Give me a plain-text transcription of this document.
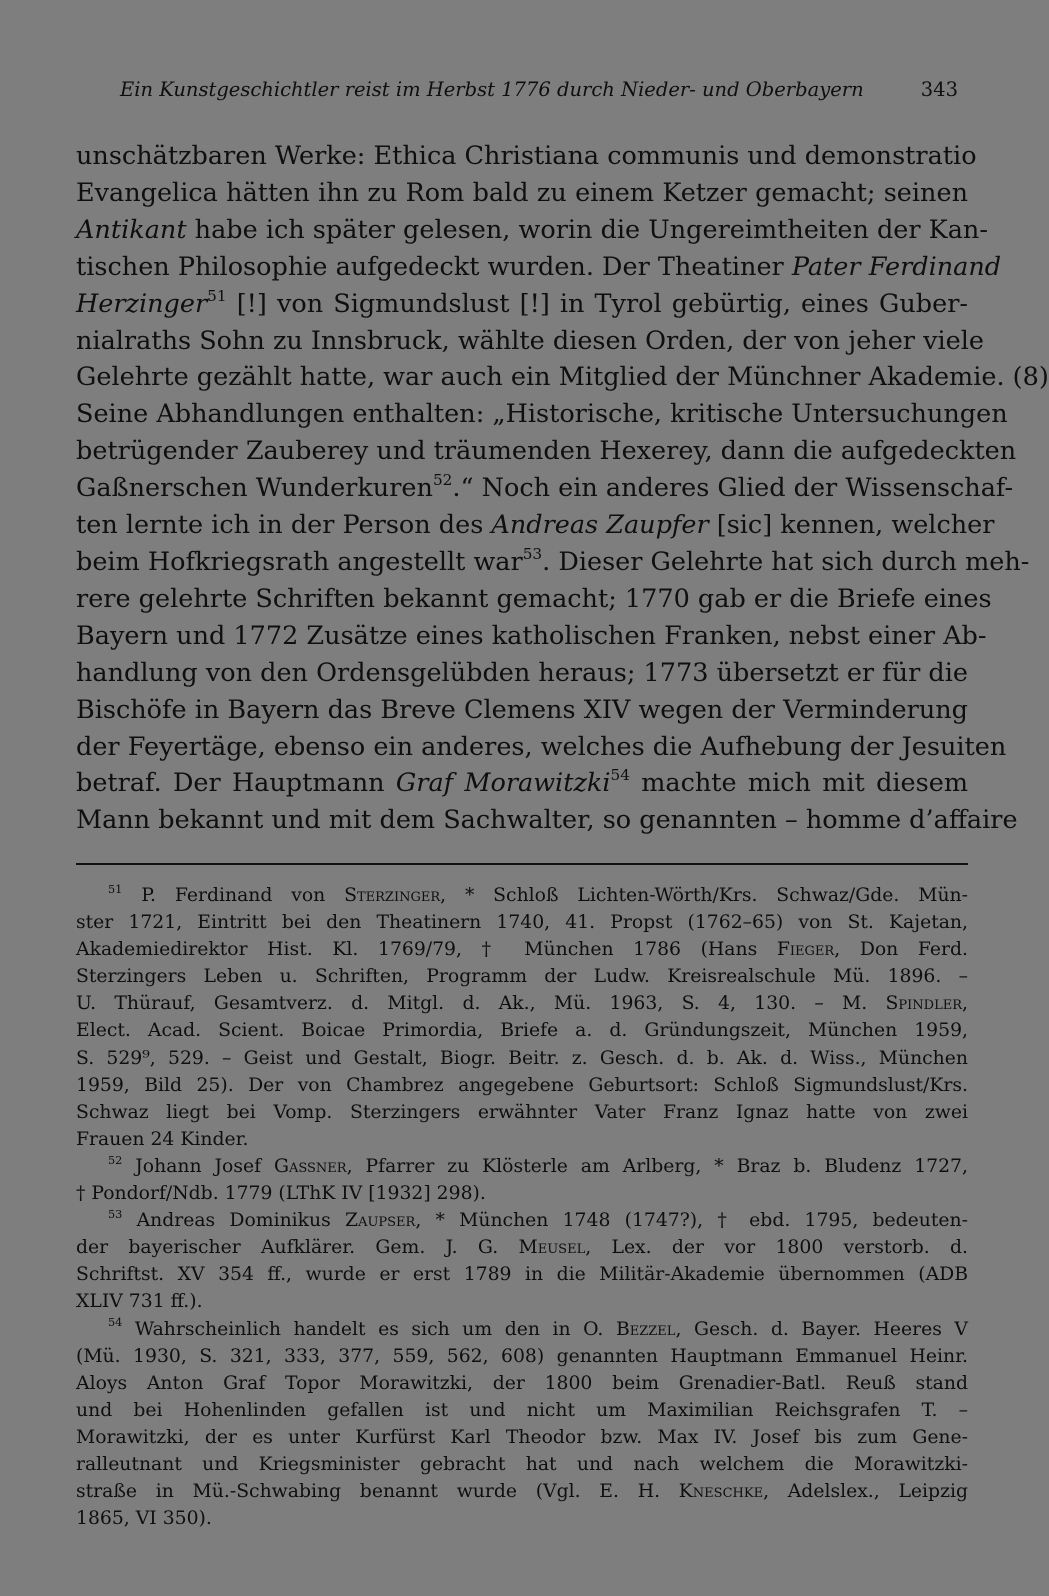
Ein Kunstgeschichtler reist im Herbst 1776 durch Nieder- und Oberbayern	343
unschätzbaren Werke: Ethica Christiana communis und demonstratio
Evangelica hätten ihn zu Rom bald zu einem Ketzer gemacht; seinen
Antikant habe ich später gelesen, worin die Ungereimtheiten der Kan-
tischen Philosophie aufgedeckt wurden. Der Theatiner Pater Ferdinand
Herzinger$^{51}$ [!] von Sigmundslust [!] in Tyrol gebürtig, eines Guber-
nialraths Sohn zu Innsbruck, wählte diesen Orden, der von jeher viele
Gelehrte gezählt hatte, war auch ein Mitglied der Münchner Akademie. (8)
Seine Abhandlungen enthalten: „Historische, kritische Untersuchungen
betrügender Zauberey und träumenden Hexerey, dann die aufgedeckten
Gaßnerschen Wunderkuren$^{52}$.“ Noch ein anderes Glied der Wissenschaf-
ten lernte ich in der Person des Andreas Zaupfer [sic] kennen, welcher
beim Hofkriegsrath angestellt war$^{53}$. Dieser Gelehrte hat sich durch meh-
rere gelehrte Schriften bekannt gemacht; 1770 gab er die Briefe eines
Bayern und 1772 Zusätze eines katholischen Franken, nebst einer Ab-
handlung von den Ordensgelübden heraus; 1773 übersetzt er für die
Bischöfe in Bayern das Breve Clemens XIV wegen der Verminderung
der Feyertäge, ebenso ein anderes, welches die Aufhebung der Jesuiten
betraf. Der Hauptmann Graf Morawitzki$^{54}$ machte mich mit diesem
Mann bekannt und mit dem Sachwalter, so genannten – homme d’affaire
$^{51}$ P. Ferdinand von Sterzinger, * Schloß Lichten-Wörth/Krs. Schwaz/Gde. Mün-
ster 1721, Eintritt bei den Theatinern 1740, 41. Propst (1762–65) von St. Kajetan,
Akademiedirektor Hist. Kl. 1769/79, † München 1786 (Hans Fieger, Don Ferd.
Sterzingers Leben u. Schriften, Programm der Ludw. Kreisrealschule Mü. 1896. –
U. Thürauf, Gesamtverz. d. Mitgl. d. Ak., Mü. 1963, S. 4, 130. – M. Spindler,
Elect. Acad. Scient. Boicae Primordia, Briefe a. d. Gründungszeit, München 1959,
S. 529⁹, 529. – Geist und Gestalt, Biogr. Beitr. z. Gesch. d. b. Ak. d. Wiss., München
1959, Bild 25). Der von Chambrez angegebene Geburtsort: Schloß Sigmundslust/Krs.
Schwaz liegt bei Vomp. Sterzingers erwähnter Vater Franz Ignaz hatte von zwei
Frauen 24 Kinder.
$^{52}$ Johann Josef Gassner, Pfarrer zu Klösterle am Arlberg, * Braz b. Bludenz 1727,
† Pondorf/Ndb. 1779 (LThK IV [1932] 298).
$^{53}$ Andreas Dominikus Zaupser, * München 1748 (1747?), † ebd. 1795, bedeuten-
der bayerischer Aufklärer. Gem. J. G. Meusel, Lex. der vor 1800 verstorb. d.
Schriftst. XV 354 ff., wurde er erst 1789 in die Militär-Akademie übernommen (ADB
XLIV 731 ff.).
$^{54}$ Wahrscheinlich handelt es sich um den in O. Bezzel, Gesch. d. Bayer. Heeres V
(Mü. 1930, S. 321, 333, 377, 559, 562, 608) genannten Hauptmann Emmanuel Heinr.
Aloys Anton Graf Topor Morawitzki, der 1800 beim Grenadier-Batl. Reuß stand
und bei Hohenlinden gefallen ist und nicht um Maximilian Reichsgrafen T. –
Morawitzki, der es unter Kurfürst Karl Theodor bzw. Max IV. Josef bis zum Gene-
ralleutnant und Kriegsminister gebracht hat und nach welchem die Morawitzki-
straße in Mü.-Schwabing benannt wurde (Vgl. E. H. Kneschke, Adelslex., Leipzig
1865, VI 350).
